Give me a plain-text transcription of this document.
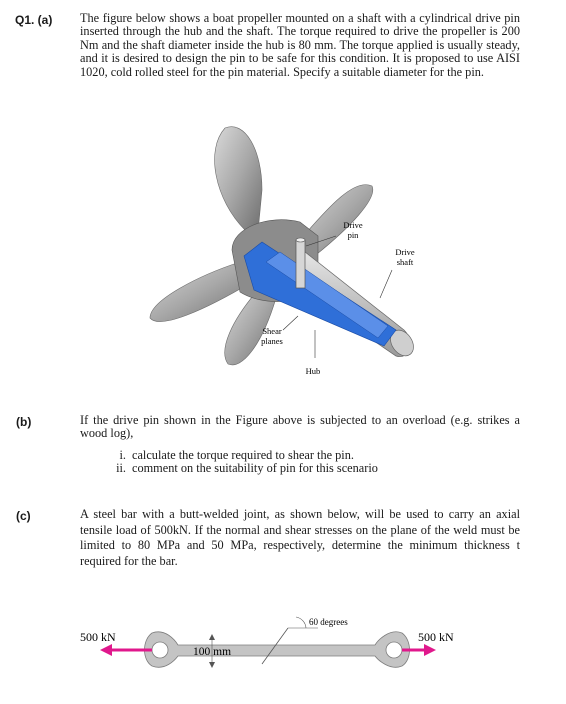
Q1. (a) The figure below shows a boat propeller mounted on a shaft with a cylindrical drive pin inserted through the hub and the shaft. The torque required to drive the propeller is 200 Nm and the shaft diameter inside the hub is 80 mm. The torque applied is usually steady, and it is desired to design the pin to be safe for this condition. It is proposed to use AISI 1020, cold rolled steel for the pin material. Specify a suitable diameter for the pin.

Drive pin
Drive shaft
Shear planes
Hub
(b)	If the drive pin shown in the Figure above is subjected to an overload (e.g. strikes a wood log),

i. calculate the torque required to shear the pin.
ii. comment on the suitability of pin for this scenario
(c)	A steel bar with a butt-welded joint, as shown below, will be used to carry an axial tensile load of 500kN. If the normal and shear stresses on the plane of the weld must be limited to 80 MPa and 50 MPa, respectively, determine the minimum thickness t required for the bar.

60 degrees
100 mm
500 kN	500 kN
